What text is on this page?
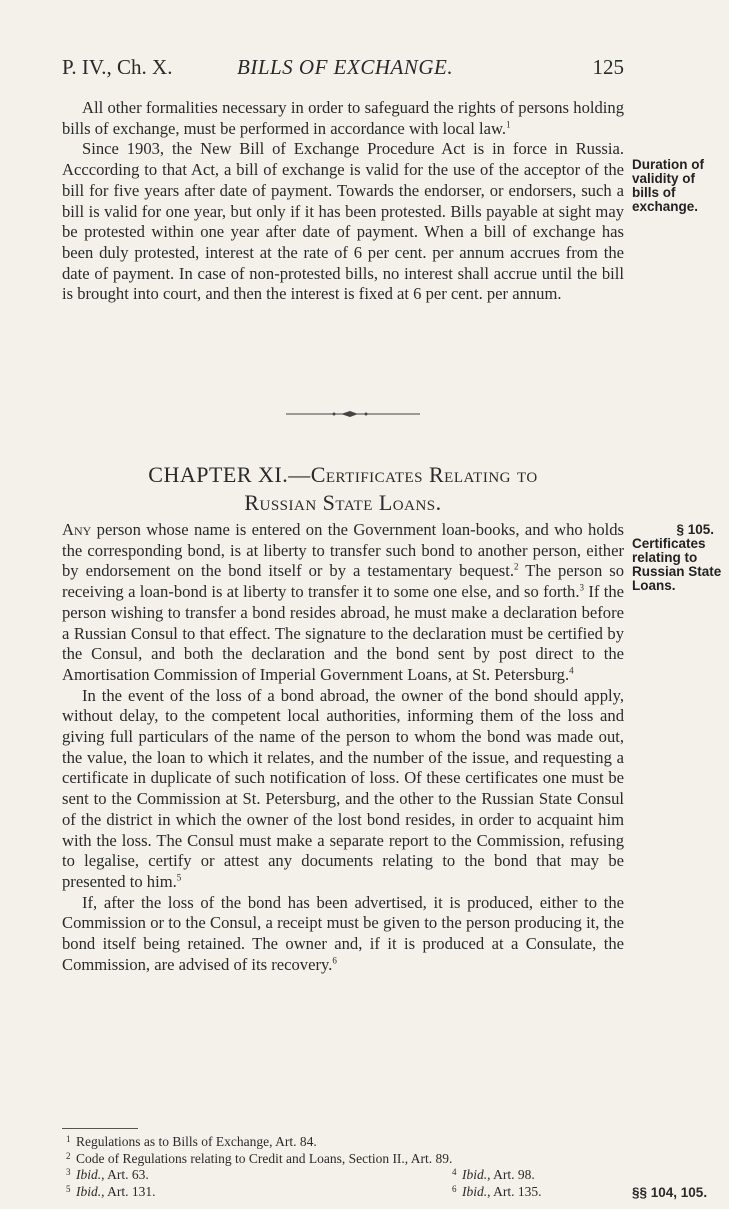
P. IV., Ch. X.	BILLS OF EXCHANGE.	125

All other formalities necessary in order to safeguard the rights of persons holding bills of exchange, must be performed in accordance with local law.$^1$

Since 1903, the New Bill of Exchange Procedure Act is in force in Russia. Acccording to that Act, a bill of exchange is valid for the use of the acceptor of the bill for five years after date of payment. Towards the endorser, or endorsers, such a bill is valid for one year, but only if it has been protested. Bills payable at sight may be protested within one year after date of payment. When a bill of exchange has been duly protested, interest at the rate of 6 per cent. per annum accrues from the date of payment. In case of non-protested bills, no interest shall accrue until the bill is brought into court, and then the interest is fixed at 6 per cent. per annum.

Duration of validity of bills of exchange.
CHAPTER XI.—Certificates Relating to
Russian State Loans.
§ 105.
Certificates relating to Russian State Loans.

Any person whose name is entered on the Government loan-books, and who holds the corresponding bond, is at liberty to transfer such bond to another person, either by endorsement on the bond itself or by a testamentary bequest.$^2$ The person so receiving a loan-bond is at liberty to transfer it to some one else, and so forth.$^3$ If the person wishing to transfer a bond resides abroad, he must make a declaration before a Russian Consul to that effect. The signature to the declaration must be certified by the Consul, and both the declaration and the bond sent by post direct to the Amortisation Commission of Imperial Government Loans, at St. Petersburg.$^4$

In the event of the loss of a bond abroad, the owner of the bond should apply, without delay, to the competent local authorities, informing them of the loss and giving full particulars of the name of the person to whom the bond was made out, the value, the loan to which it relates, and the number of the issue, and requesting a certificate in duplicate of such notification of loss. Of these certificates one must be sent to the Commission at St. Petersburg, and the other to the Russian State Consul of the district in which the owner of the lost bond resides, in order to acquaint him with the loss. The Consul must make a separate report to the Commission, refusing to legalise, certify or attest any documents relating to the bond that may be presented to him.$^5$

If, after the loss of the bond has been advertised, it is produced, either to the Commission or to the Consul, a receipt must be given to the person producing it, the bond itself being retained. The owner and, if it is produced at a Consulate, the Commission, are advised of its recovery.$^6$

1 Regulations as to Bills of Exchange, Art. 84.
2 Code of Regulations relating to Credit and Loans, Section II., Art. 89.
3 Ibid., Art. 63.	4 Ibid., Art. 98.
5 Ibid., Art. 131.	6 Ibid., Art. 135.	§§ 104, 105.
